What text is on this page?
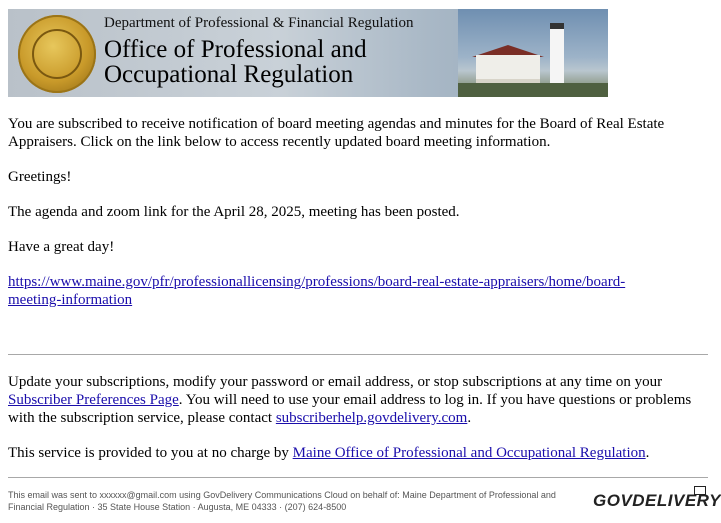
Department of Professional & Financial Regulation
Office of Professional and
Occupational Regulation

You are subscribed to receive notification of board meeting agendas and minutes for the Board of Real Estate Appraisers. Click on the link below to access recently updated board meeting information.

Greetings!

The agenda and zoom link for the April 28, 2025, meeting has been posted.

Have a great day!

https://www.maine.gov/pfr/professionallicensing/professions/board-real-estate-appraisers/home/board-meeting-information

Update your subscriptions, modify your password or email address, or stop subscriptions at any time on your Subscriber Preferences Page. You will need to use your email address to log in. If you have questions or problems with the subscription service, please contact subscriberhelp.govdelivery.com.

This service is provided to you at no charge by Maine Office of Professional and Occupational Regulation.

This email was sent to xxxxxx@gmail.com using GovDelivery Communications Cloud on behalf of: Maine Department of Professional and Financial Regulation · 35 State House Station · Augusta, ME 04333 · (207) 624-8500	GOVDELIVERY
